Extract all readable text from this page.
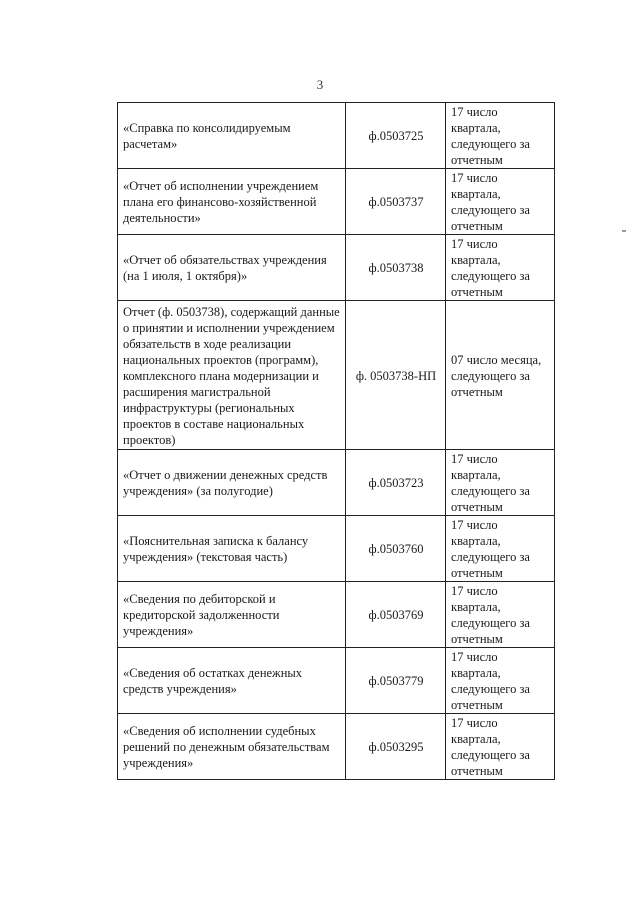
3
«Справка по консолидируемым расчетам»	ф.0503725	17 число квартала, следующего за отчетным
«Отчет об исполнении учреждением плана его финансово-хозяйственной деятельности»	ф.0503737	17 число квартала, следующего за отчетным
«Отчет об обязательствах учреждения (на 1 июля, 1 октября)»	ф.0503738	17 число квартала, следующего за отчетным
Отчет (ф. 0503738), содержащий данные о принятии и исполнении учреждением обязательств в ходе реализации национальных проектов (программ), комплексного плана модернизации и расширения магистральной инфраструктуры (региональных проектов в составе национальных проектов)	ф. 0503738-НП	07 число месяца, следующего за отчетным
«Отчет о движении денежных средств учреждения» (за полугодие)	ф.0503723	17 число квартала, следующего за отчетным
«Пояснительная записка к балансу учреждения» (текстовая часть)	ф.0503760	17 число квартала, следующего за отчетным
«Сведения по дебиторской и кредиторской задолженности учреждения»	ф.0503769	17 число квартала, следующего за отчетным
«Сведения об остатках денежных средств учреждения»	ф.0503779	17 число квартала, следующего за отчетным
«Сведения об исполнении судебных решений по денежным обязательствам учреждения»	ф.0503295	17 число квартала, следующего за отчетным
